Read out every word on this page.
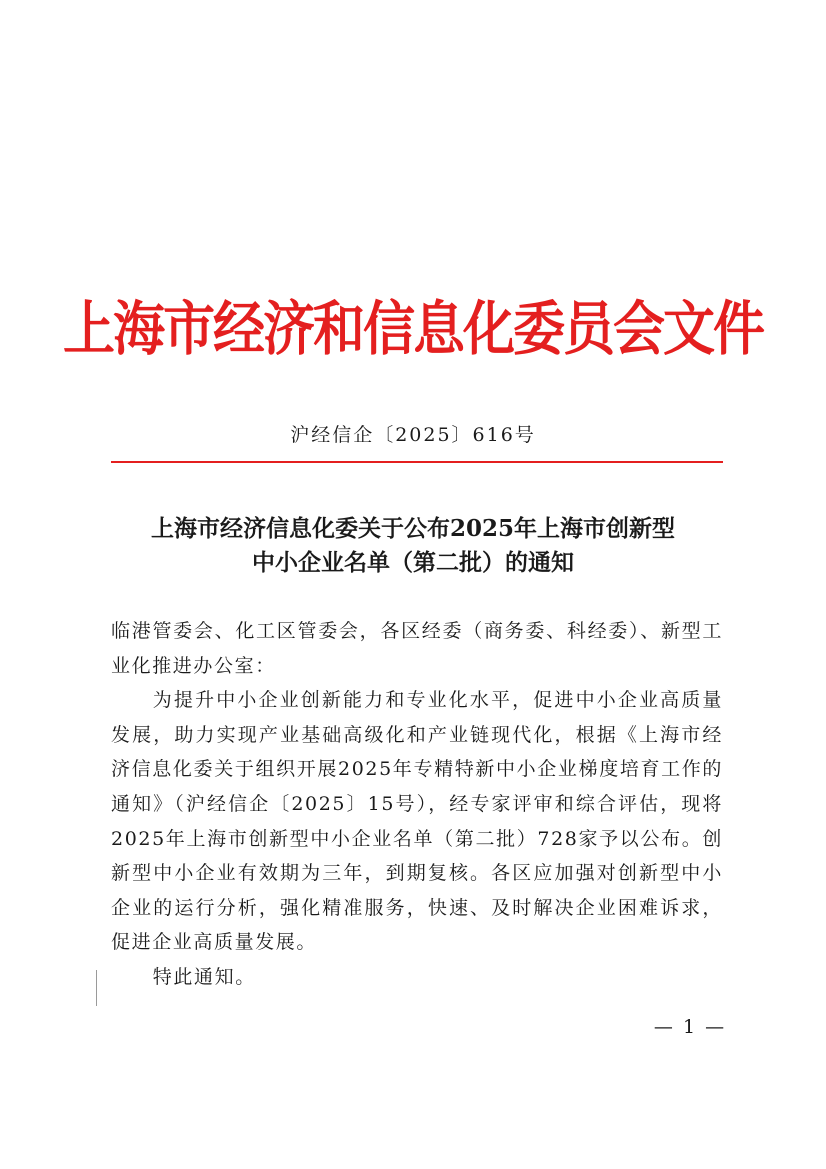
上海市经济和信息化委员会文件
沪经信企〔2025〕616号
上海市经济信息化委关于公布2025年上海市创新型
中小企业名单（第二批）的通知

临港管委会、化工区管委会，各区经委（商务委、科经委）、新型工业化推进办公室：

为提升中小企业创新能力和专业化水平，促进中小企业高质量发展，助力实现产业基础高级化和产业链现代化，根据《上海市经济信息化委关于组织开展2025年专精特新中小企业梯度培育工作的通知》（沪经信企〔2025〕15号），经专家评审和综合评估，现将2025年上海市创新型中小企业名单（第二批）728家予以公布。创新型中小企业有效期为三年，到期复核。各区应加强对创新型中小企业的运行分析，强化精准服务，快速、及时解决企业困难诉求，促进企业高质量发展。

特此通知。

— 1 —
